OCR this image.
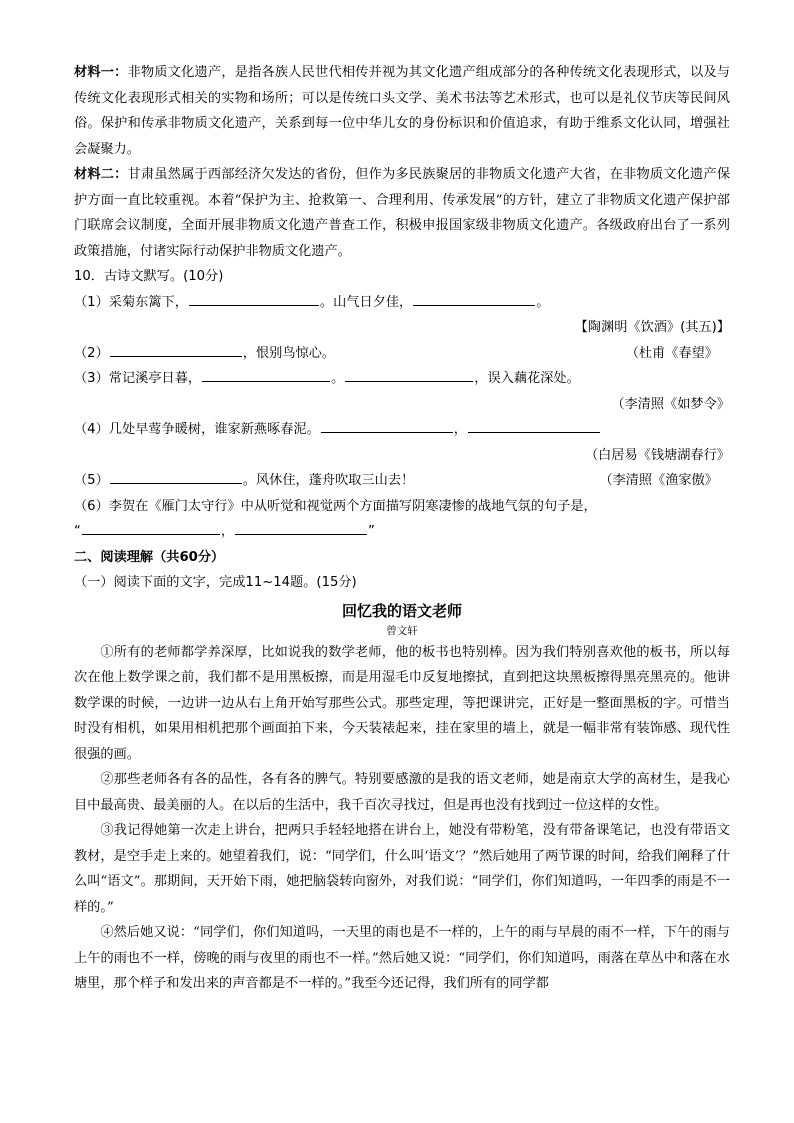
材料一：非物质文化遗产，是指各族人民世代相传并视为其文化遗产组成部分的各种传统文化表现形式，以及与传统文化表现形式相关的实物和场所；可以是传统口头文学、美术书法等艺术形式，也可以是礼仪节庆等民间风俗。保护和传承非物质文化遗产，关系到每一位中华儿女的身份标识和价值追求，有助于维系文化认同，增强社会凝聚力。

材料二：甘肃虽然属于西部经济欠发达的省份，但作为多民族聚居的非物质文化遗产大省，在非物质文化遗产保护方面一直比较重视。本着“保护为主、抢救第一、合理利用、传承发展”的方针，建立了非物质文化遗产保护部门联席会议制度，全面开展非物质文化遗产普查工作，积极申报国家级非物质文化遗产。各级政府出台了一系列政策措施，付诸实际行动保护非物质文化遗产。

10．古诗文默写。(10分)

（1）采菊东篱下，	。山气日夕佳，	。

【陶渊明《饮酒》(其五)】

（2）	，恨别鸟惊心。	（杜甫《春望》

（3）常记溪亭日暮，	。	，误入藕花深处。

（李清照《如梦令》

（4）几处早莺争暖树，谁家新燕啄春泥。	，

（白居易《钱塘湖春行》

（5）	。风休住，蓬舟吹取三山去！	（李清照《渔家傲》

（6）李贺在《雁门太守行》中从听觉和视觉两个方面描写阴寒凄惨的战地气氛的句子是，

“	，	”

二、阅读理解（共60分）

（一）阅读下面的文字，完成11~14题。(15分)

回忆我的语文老师
曾文轩

①所有的老师都学养深厚，比如说我的数学老师，他的板书也特别棒。因为我们特别喜欢他的板书，所以每次在他上数学课之前，我们都不是用黑板擦，而是用湿毛巾反复地擦拭，直到把这块黑板擦得黑亮黑亮的。他讲数学课的时候，一边讲一边从右上角开始写那些公式。那些定理，等把课讲完，正好是一整面黑板的字。可惜当时没有相机，如果用相机把那个画面拍下来，今天装裱起来，挂在家里的墙上，就是一幅非常有装饰感、现代性很强的画。

②那些老师各有各的品性，各有各的脾气。特别要感激的是我的语文老师，她是南京大学的高材生，是我心目中最高贵、最美丽的人。在以后的生活中，我千百次寻找过，但是再也没有找到过一位这样的女性。

③我记得她第一次走上讲台，把两只手轻轻地搭在讲台上，她没有带粉笔，没有带备课笔记，也没有带语文教材，是空手走上来的。她望着我们，说：“同学们，什么叫‘语文’？”然后她用了两节课的时间，给我们阐释了什么叫“语文”。那期间，天开始下雨，她把脑袋转向窗外，对我们说：“同学们，你们知道吗，一年四季的雨是不一样的。”

④然后她又说：“同学们，你们知道吗，一天里的雨也是不一样的，上午的雨与早晨的雨不一样，下午的雨与上午的雨也不一样，傍晚的雨与夜里的雨也不一样。”然后她又说：“同学们，你们知道吗，雨落在草丛中和落在水塘里，那个样子和发出来的声音都是不一样的。”我至今还记得，我们所有的同学都
